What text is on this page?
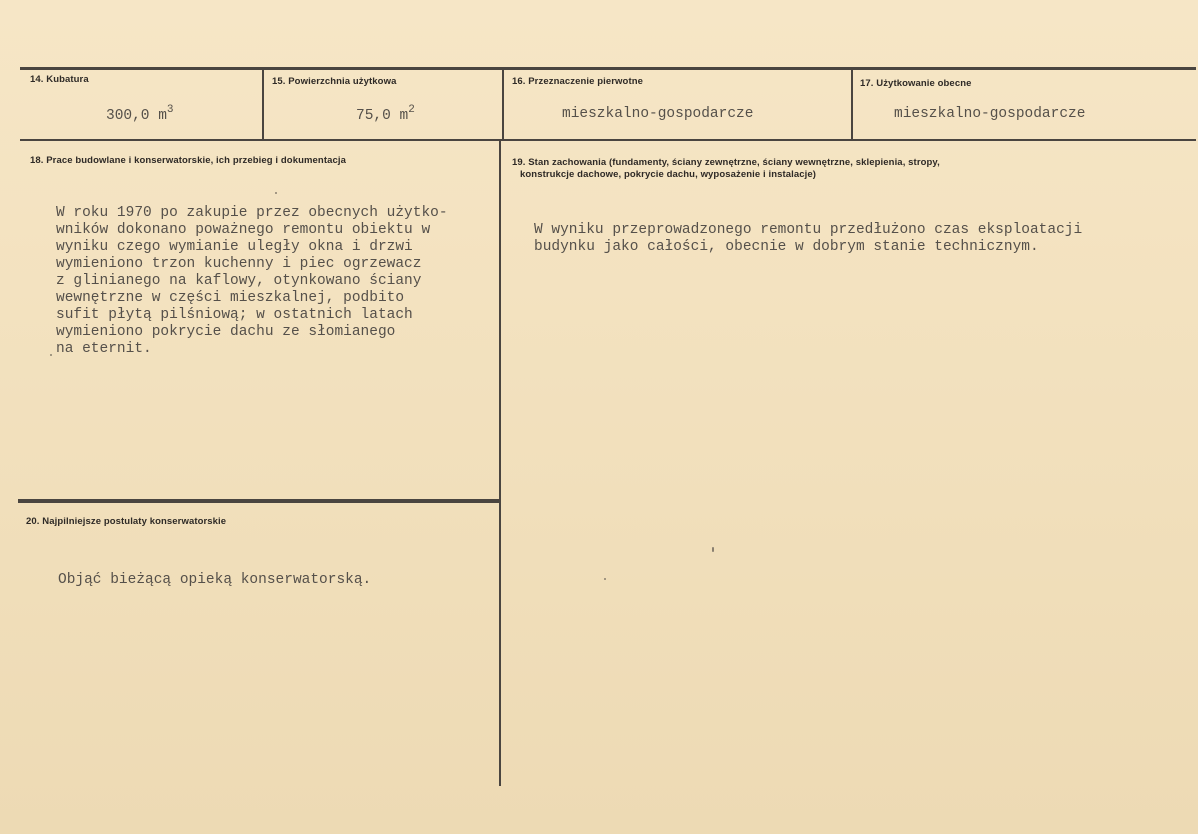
14. Kubatura
300,0 $m^3$
15. Powierzchnia użytkowa
75,0 $m^2$
16. Przeznaczenie pierwotne
mieszkalno-gospodarcze
17. Użytkowanie obecne
mieszkalno-gospodarcze
18. Prace budowlane i konserwatorskie, ich przebieg i dokumentacja
W roku 1970 po zakupie przez obecnych użytko-
wników dokonano poważnego remontu obiektu w
wyniku czego wymianie uległy okna i drzwi
wymieniono trzon kuchenny i piec ogrzewacz
z glinianego na kaflowy, otynkowano ściany
wewnętrzne w części mieszkalnej, podbito
sufit płytą pilśniową; w ostatnich latach
wymieniono pokrycie dachu ze słomianego
na eternit.
19. Stan zachowania (fundamenty, ściany zewnętrzne, ściany wewnętrzne, sklepienia, stropy,
konstrukcje dachowe, pokrycie dachu, wyposażenie i instalacje)
W wyniku przeprowadzonego remontu przedłużono czas eksploatacji
budynku jako całości, obecnie w dobrym stanie technicznym.
20. Najpilniejsze postulaty konserwatorskie
Objąć bieżącą opieką konserwatorską.
